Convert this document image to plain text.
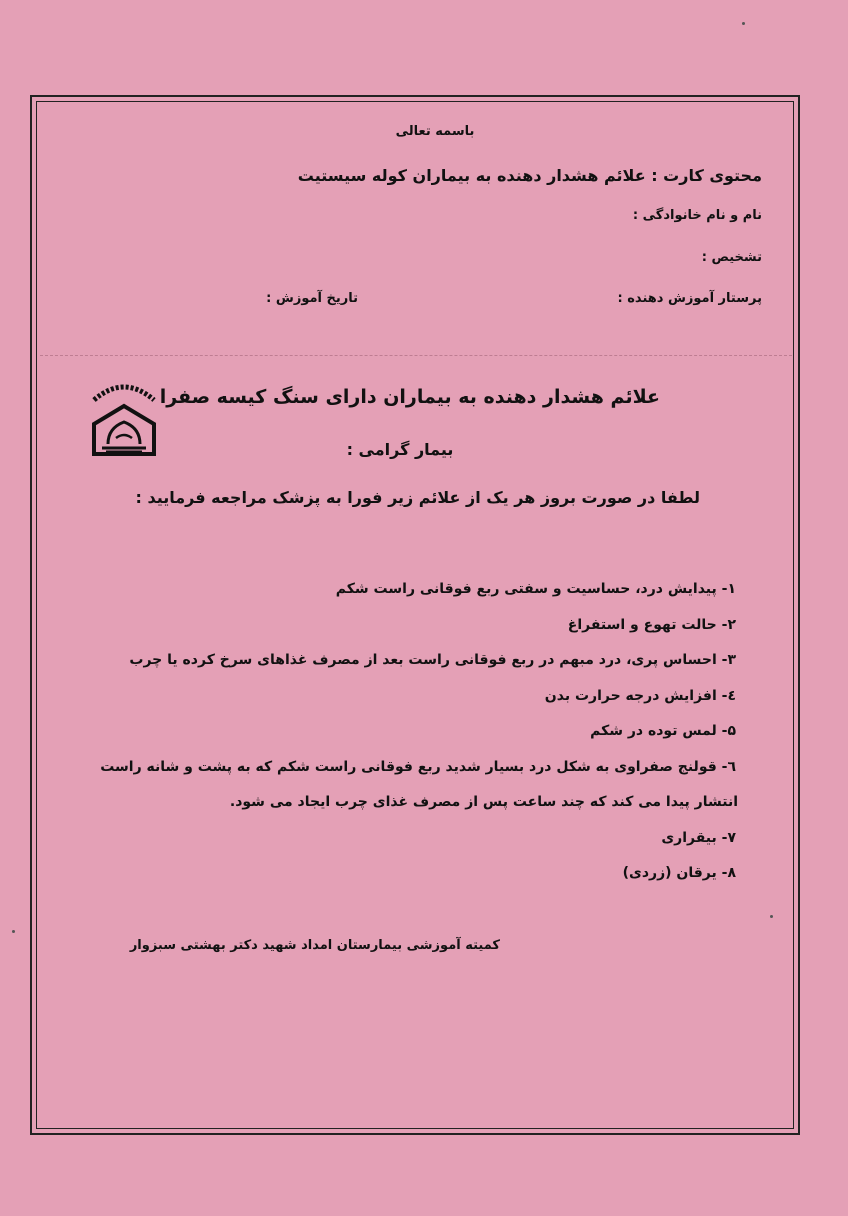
باسمه تعالی
محتوی کارت : علائم هشدار دهنده به بیماران کوله سیستیت
نام و نام خانوادگی :
تشخیص :
پرستار آموزش دهنده :
تاریخ آموزش :
علائم هشدار دهنده به بیماران دارای سنگ کیسه صفرا
بیمار گرامی :
لطفا در صورت بروز هر یک از علائم زیر فورا به پزشک مراجعه فرمایید :
۱- پیدایش درد، حساسیت و سفتی ربع فوقانی راست شکم
۲- حالت تهوع و استفراغ
۳- احساس پری، درد مبهم در ربع فوقانی راست بعد از مصرف غذاهای سرخ کرده یا چرب
٤- افزایش درجه حرارت بدن
۵- لمس توده در شکم
٦- قولنج صفراوی به شکل درد بسیار شدید ربع فوقانی راست شکم که به پشت و شانه راست
انتشار پیدا می کند که چند ساعت پس از مصرف غذای چرب ایجاد می شود.
۷- بیقراری
۸- یرقان (زردی)
کمیته آموزشی بیمارستان امداد شهید دکتر بهشتی سبزوار
